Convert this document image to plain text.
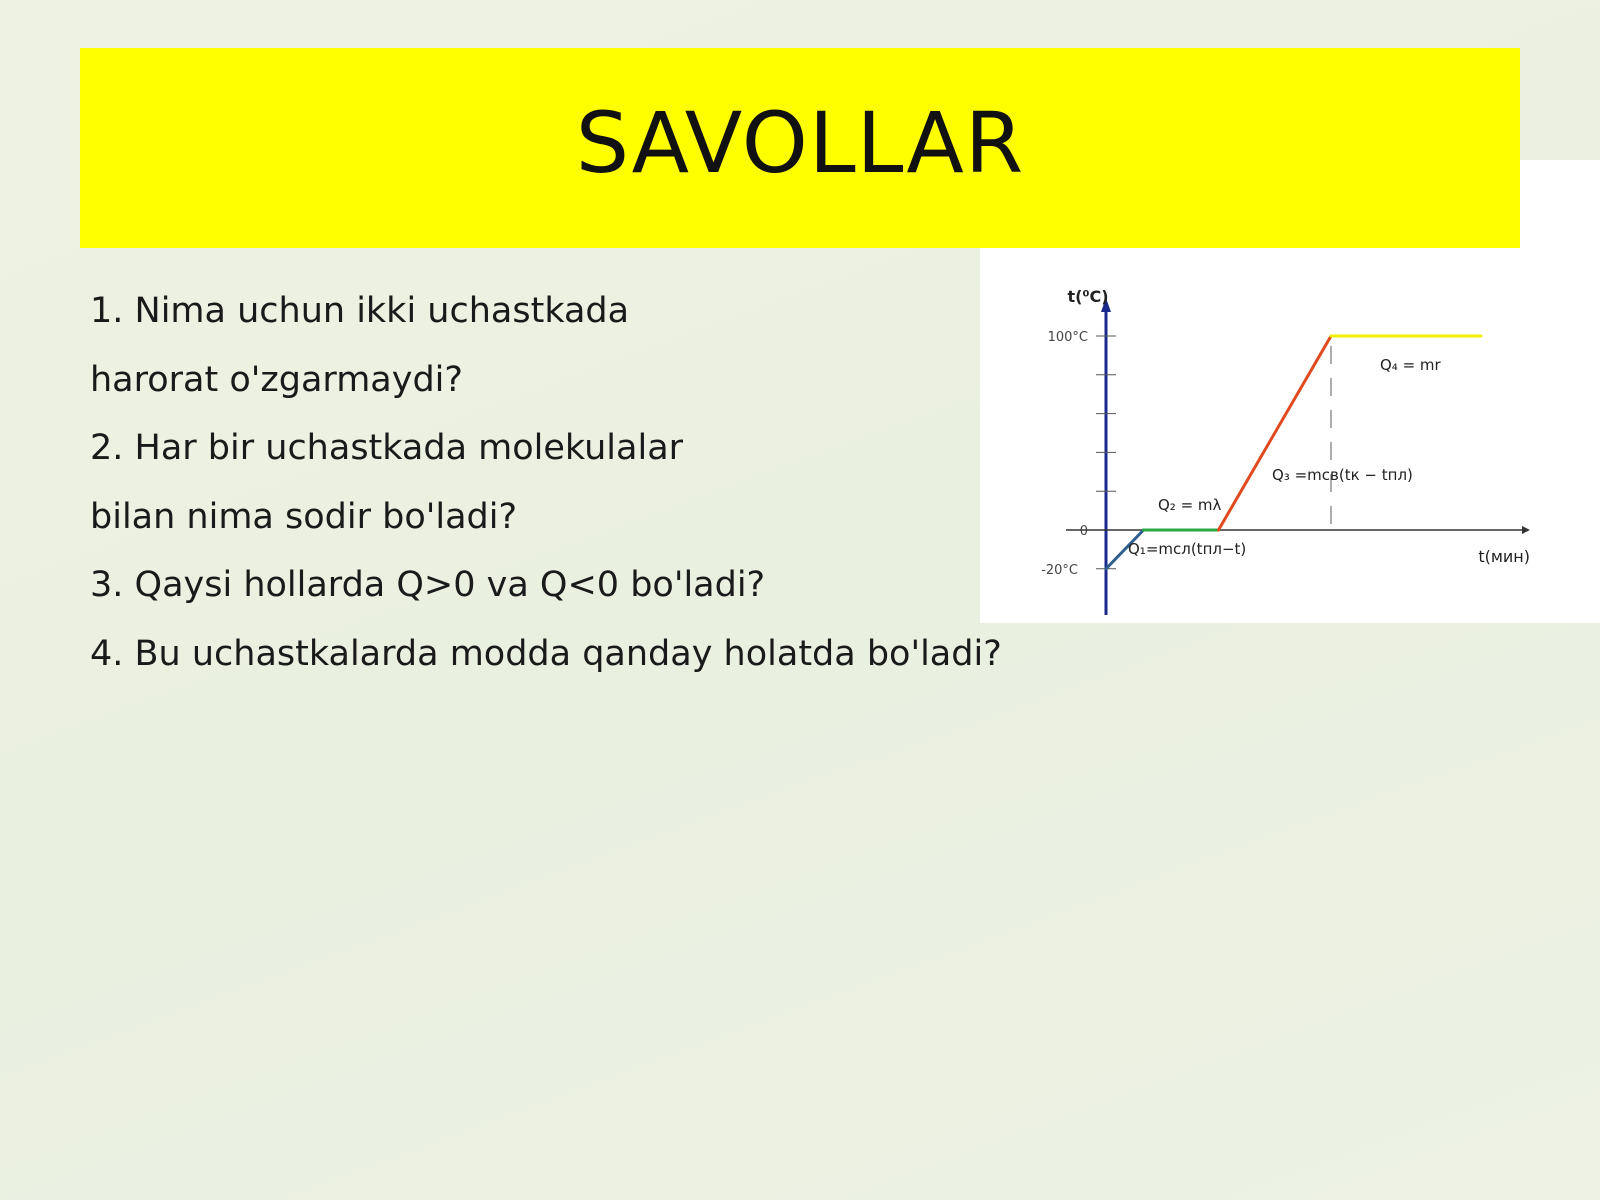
100°C
0
-20°C
t(⁰С)
t(мин)
Q₁=mcл(tпл−t)
Q₂ = mλ
Q₃ =mcв(tк − tпл)
Q₄ = mr
SAVOLLAR
1. Nima uchun ikki uchastkada
harorat o'zgarmaydi?
2. Har bir uchastkada molekulalar
bilan nima sodir bo'ladi?
3. Qaysi hollarda Q>0 va Q<0 bo'ladi?
4. Bu uchastkalarda modda qanday holatda bo'ladi?
